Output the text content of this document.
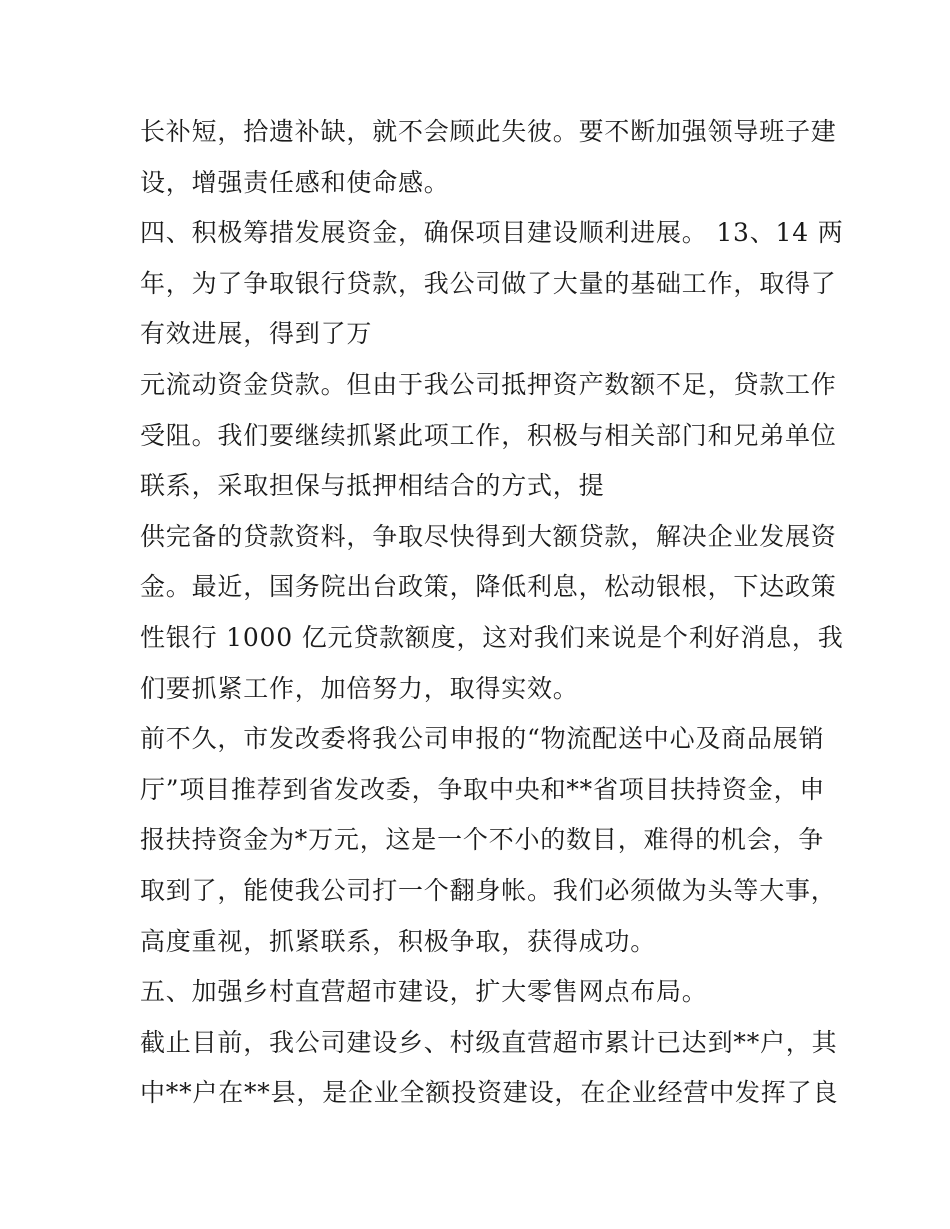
长补短，拾遗补缺，就不会顾此失彼。要不断加强领导班子建
设，增强责任感和使命感。
四、积极筹措发展资金，确保项目建设顺利进展。 13、14 两
年，为了争取银行贷款，我公司做了大量的基础工作，取得了
有效进展，得到了万
元流动资金贷款。但由于我公司抵押资产数额不足，贷款工作
受阻。我们要继续抓紧此项工作，积极与相关部门和兄弟单位
联系，采取担保与抵押相结合的方式，提
供完备的贷款资料，争取尽快得到大额贷款，解决企业发展资
金。最近，国务院出台政策，降低利息，松动银根，下达政策
性银行 1000 亿元贷款额度，这对我们来说是个利好消息，我
们要抓紧工作，加倍努力，取得实效。
前不久，市发改委将我公司申报的“物流配送中心及商品展销
厅”项目推荐到省发改委，争取中央和**省项目扶持资金，申
报扶持资金为*万元，这是一个不小的数目，难得的机会，争
取到了，能使我公司打一个翻身帐。我们必须做为头等大事，
高度重视，抓紧联系，积极争取，获得成功。
五、加强乡村直营超市建设，扩大零售网点布局。
截止目前，我公司建设乡、村级直营超市累计已达到**户，其
中**户在**县，是企业全额投资建设，在企业经营中发挥了良
